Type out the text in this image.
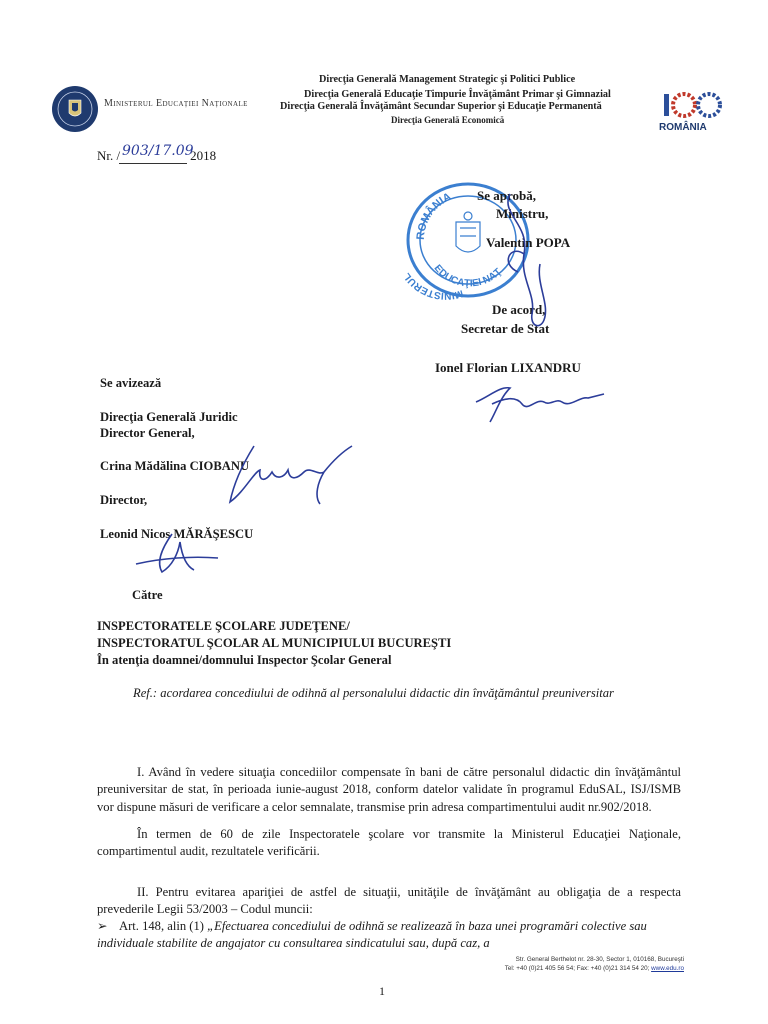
Ministerul Educației Naționale
Direcţia Generală Management Strategic şi Politici Publice
Direcţia Generală Educaţie Timpurie Învăţământ Primar şi Gimnazial
Direcţia Generală Învăţământ Secundar Superior şi Educaţie Permanentă
Direcţia Generală Economică
ROMÂNIA
Nr. /	2018
903/17.09
ROMÂNIA
MINISTERUL
EDUCAŢIEI NAŢ
Se aprobă,
Ministru,
Valentin POPA
De acord,
Secretar de Stat
Ionel Florian LIXANDRU
Se avizează
Direcţia Generală Juridic
Director General,
Crina Mădălina CIOBANU
Director,
Leonid Nicos MĂRĂŞESCU
Către
INSPECTORATELE ŞCOLARE JUDEŢENE/
INSPECTORATUL ŞCOLAR AL MUNICIPIULUI BUCUREŞTI
În atenţia doamnei/domnului Inspector Şcolar General
Ref.: acordarea concediului de odihnă al personalului didactic din învăţământul preuniversitar
I. Având în vedere situaţia concediilor compensate în bani de către personalul didactic din învăţământul preuniversitar de stat, în perioada iunie-august 2018, conform datelor validate în programul EduSAL, ISJ/ISMB vor dispune măsuri de verificare a celor semnalate, transmise prin adresa compartimentului audit nr.902/2018.
În termen de 60 de zile Inspectoratele şcolare vor transmite la Ministerul Educaţiei Naţionale, compartimentul audit, rezultatele verificării.
II. Pentru evitarea apariţiei de astfel de situaţii, unităţile de învăţământ au obligaţia de a respecta prevederile Legii 53/2003 – Codul muncii:
➢ Art. 148, alin (1) „Efectuarea concediului de odihnă se realizează în baza unei programări colective sau individuale stabilite de angajator cu consultarea sindicatului sau, după caz, a
Str. General Berthelot nr. 28-30, Sector 1, 010168, Bucureşti
Tel: +40 (0)21 405 56 54; Fax: +40 (0)21 314 54 20; www.edu.ro
1
